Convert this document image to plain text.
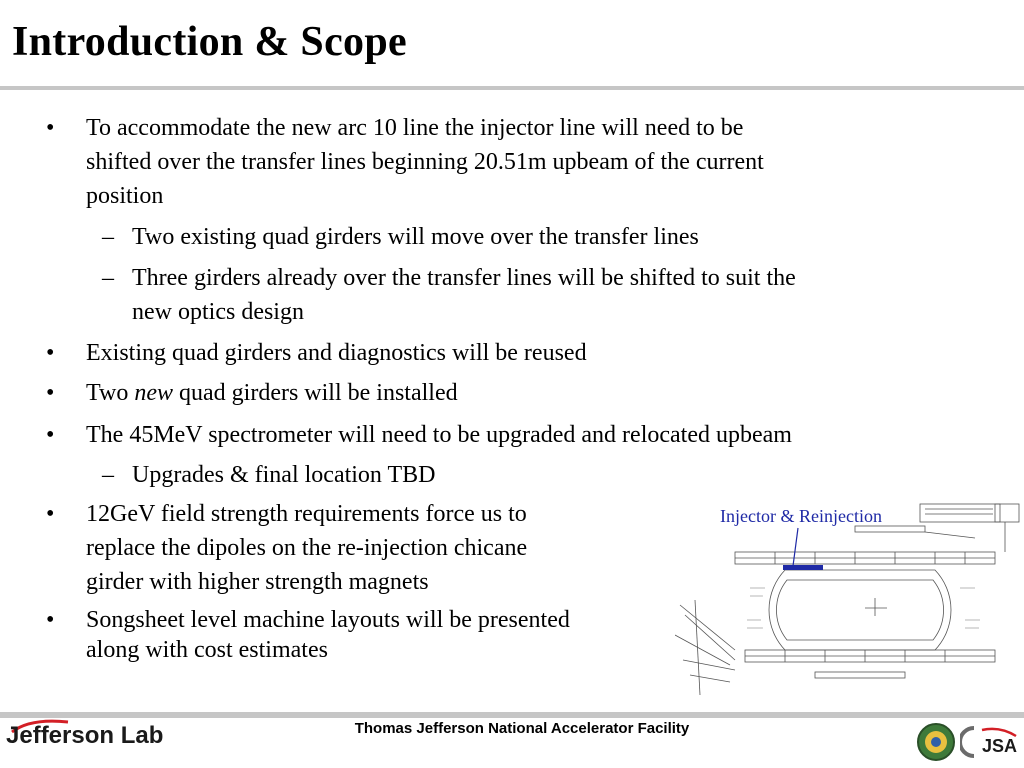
Introduction & Scope
• To accommodate the new arc 10 line the injector line will need to be
shifted over the transfer lines beginning 20.51m upbeam of the current
position
– Two existing quad girders will move over the transfer lines
– Three girders already over the transfer lines will be shifted to suit the
new optics design
• Existing quad girders and diagnostics will be reused
• Two new quad girders will be installed
• The 45MeV spectrometer will need to be upgraded and relocated upbeam
– Upgrades & final location TBD
• 12GeV field strength requirements force us to
replace the dipoles on the re-injection chicane
girder with higher strength magnets
• Songsheet level machine layouts will be presented
along with cost estimates
Injector & Reinjection
Thomas Jefferson National Accelerator Facility
Jefferson Lab	JSA
